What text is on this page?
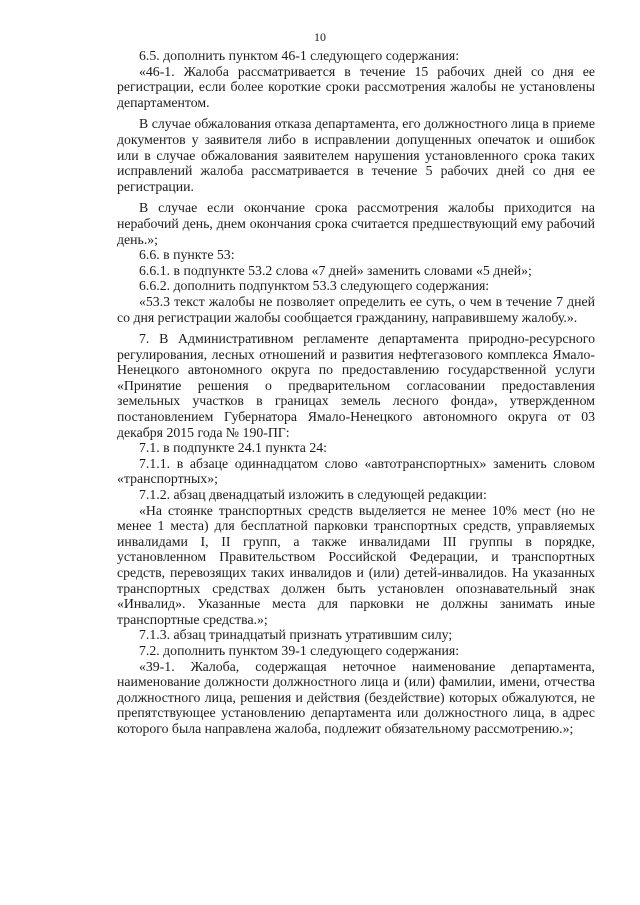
10

6.5. дополнить пунктом 46-1 следующего содержания:

«46-1. Жалоба рассматривается в течение 15 рабочих дней со дня ее регистрации, если более короткие сроки рассмотрения жалобы не установлены департаментом.

В случае обжалования отказа департамента, его должностного лица в приеме документов у заявителя либо в исправлении допущенных опечаток и ошибок или в случае обжалования заявителем нарушения установленного срока таких исправлений жалоба рассматривается в течение 5 рабочих дней со дня ее регистрации.

В случае если окончание срока рассмотрения жалобы приходится на нерабочий день, днем окончания срока считается предшествующий ему рабочий день.»;

6.6. в пункте 53:

6.6.1. в подпункте 53.2 слова «7 дней» заменить словами «5 дней»;

6.6.2. дополнить подпунктом 53.3 следующего содержания:

«53.3 текст жалобы не позволяет определить ее суть, о чем в течение 7 дней со дня регистрации жалобы сообщается гражданину, направившему жалобу.».

7. В Административном регламенте департамента природно-ресурсного регулирования, лесных отношений и развития нефтегазового комплекса Ямало-Ненецкого автономного округа по предоставлению государственной услуги «Принятие решения о предварительном согласовании предоставления земельных участков в границах земель лесного фонда», утвержденном постановлением Губернатора Ямало-Ненецкого автономного округа от 03 декабря 2015 года № 190-ПГ:

7.1. в подпункте 24.1 пункта 24:

7.1.1. в абзаце одиннадцатом слово «автотранспортных» заменить словом «транспортных»;

7.1.2. абзац двенадцатый изложить в следующей редакции:

«На стоянке транспортных средств выделяется не менее 10% мест (но не менее 1 места) для бесплатной парковки транспортных средств, управляемых инвалидами I, II групп, а также инвалидами III группы в порядке, установленном Правительством Российской Федерации, и транспортных средств, перевозящих таких инвалидов и (или) детей-инвалидов. На указанных транспортных средствах должен быть установлен опознавательный знак «Инвалид». Указанные места для парковки не должны занимать иные транспортные средства.»;

7.1.3. абзац тринадцатый признать утратившим силу;

7.2. дополнить пунктом 39-1 следующего содержания:

«39-1. Жалоба, содержащая неточное наименование департамента, наименование должности должностного лица и (или) фамилии, имени, отчества должностного лица, решения и действия (бездействие) которых обжалуются, не препятствующее установлению департамента или должностного лица, в адрес которого была направлена жалоба, подлежит обязательному рассмотрению.»;
